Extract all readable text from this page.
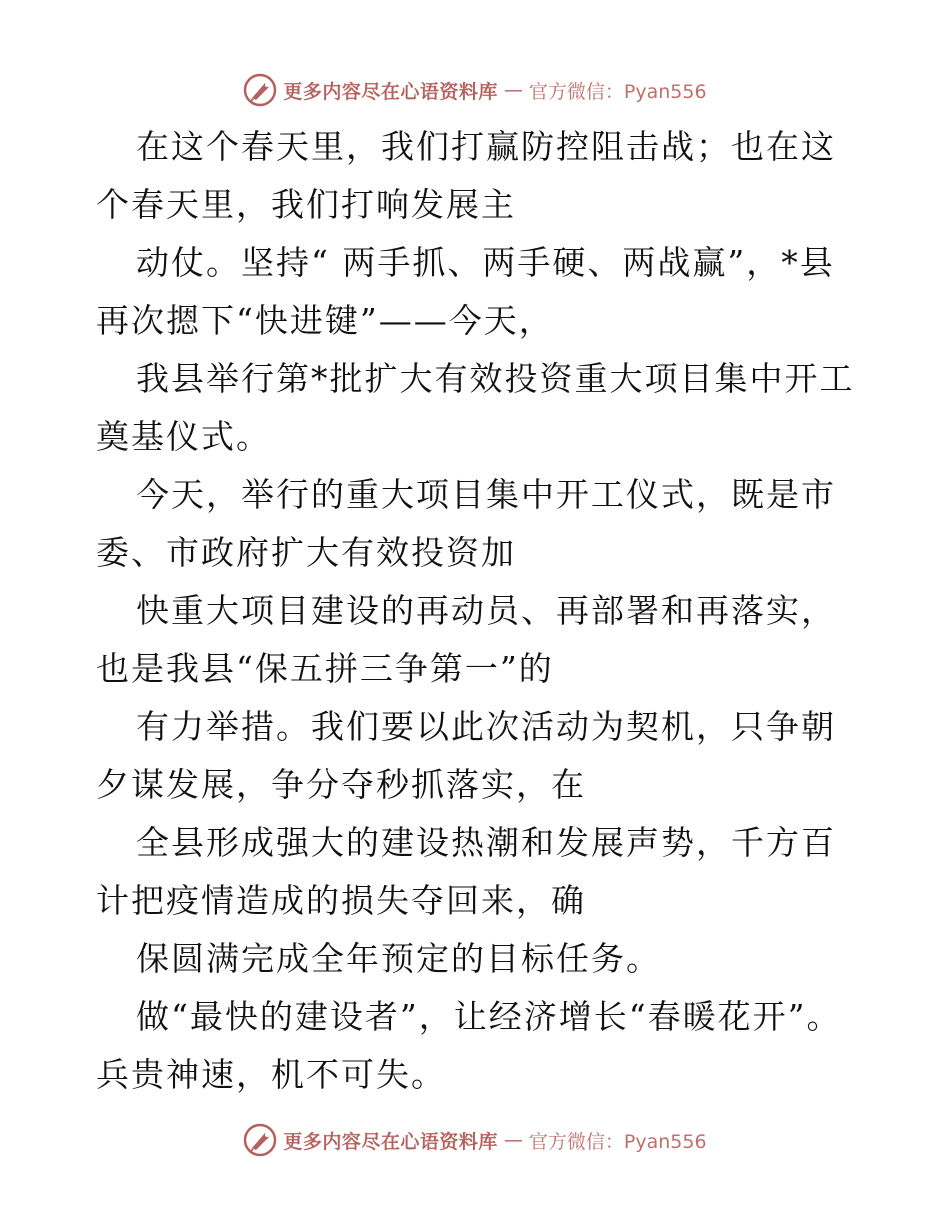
更多内容尽在心语资料库 — 官方微信：Pyan556

在这个春天里，我们打赢防控阻击战；也在这个春天里，我们打响发展主

动仗。坚持“ 两手抓、两手硬、两战赢”，*县再次摁下“快进键”——今天，

我县举行第*批扩大有效投资重大项目集中开工奠基仪式。

今天，举行的重大项目集中开工仪式，既是市委、市政府扩大有效投资加

快重大项目建设的再动员、再部署和再落实，也是我县“保五拼三争第一”的

有力举措。我们要以此次活动为契机，只争朝夕谋发展，争分夺秒抓落实，在

全县形成强大的建设热潮和发展声势，千方百计把疫情造成的损失夺回来，确

保圆满完成全年预定的目标任务。

做“最快的建设者”，让经济增长“春暖花开”。兵贵神速，机不可失。

更多内容尽在心语资料库 — 官方微信：Pyan556
